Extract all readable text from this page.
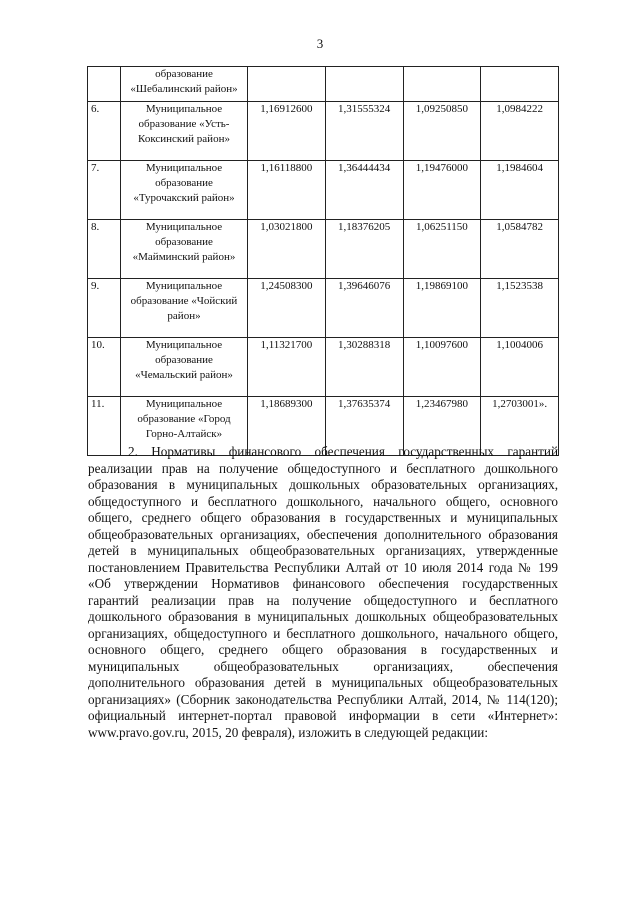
3
	образование «Шебалинский район»				
6.	Муниципальное образование «Усть-Коксинский район»	1,16912600	1,31555324	1,09250850	1,0984222
7.	Муниципальное образование «Турочакский район»	1,16118800	1,36444434	1,19476000	1,1984604
8.	Муниципальное образование «Майминский район»	1,03021800	1,18376205	1,06251150	1,0584782
9.	Муниципальное образование «Чойский район»	1,24508300	1,39646076	1,19869100	1,1523538
10.	Муниципальное образование «Чемальский район»	1,11321700	1,30288318	1,10097600	1,1004006
11.	Муниципальное образование «Город Горно-Алтайск»	1,18689300	1,37635374	1,23467980	1,2703001».
2. Нормативы финансового обеспечения государственных гарантий реализации прав на получение общедоступного и бесплатного дошкольного образования в муниципальных дошкольных образовательных организациях, общедоступного и бесплатного дошкольного, начального общего, основного общего, среднего общего образования в государственных и муниципальных общеобразовательных организациях, обеспечения дополнительного образования детей в муниципальных общеобразовательных организациях, утвержденные постановлением Правительства Республики Алтай от 10 июля 2014 года № 199 «Об утверждении Нормативов финансового обеспечения государственных гарантий реализации прав на получение общедоступного и бесплатного дошкольного образования в муниципальных дошкольных общеобразовательных организациях, общедоступного и бесплатного дошкольного, начального общего, основного общего, среднего общего образования в государственных и муниципальных общеобразовательных организациях, обеспечения дополнительного образования детей в муниципальных общеобразовательных организациях» (Сборник законодательства Республики Алтай, 2014, № 114(120); официальный интернет-портал правовой информации в сети «Интернет»: www.pravo.gov.ru, 2015, 20 февраля), изложить в следующей редакции:
